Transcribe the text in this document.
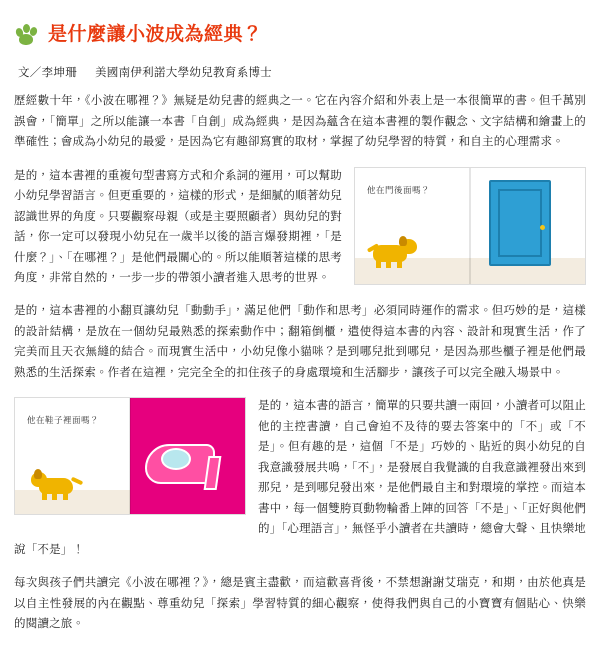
是什麼讓小波成為經典？
文／李坤珊 美國南伊利諾大學幼兒教育系博士

歷經數十年，《小波在哪裡？》無疑是幼兒書的經典之一。它在內容介紹和外表上是一本很簡單的書。但千萬別誤會，「簡單」之所以能讓一本書「自創」成為經典，是因為蘊含在這本書裡的製作觀念、文字結構和繪畫上的準確性；會成為小幼兒的最愛，是因為它有趣卻寫實的取材，掌握了幼兒學習的特質，和自主的心理需求。

他在門後面嗎？

是的，這本書裡的重複句型書寫方式和介系詞的運用，可以幫助小幼兒學習語言。但更重要的，這樣的形式，是細膩的順著幼兒認識世界的角度。只要觀察母親（或是主要照顧者）與幼兒的對話，你一定可以發現小幼兒在一歲半以後的語言爆發期裡，「是什麼？」、「在哪裡？」是他們最關心的。所以能順著這樣的思考角度，非常自然的，一步一步的帶領小讀者進入思考的世界。

是的，這本書裡的小翻頁讓幼兒「動動手」，滿足他們「動作和思考」必須同時運作的需求。但巧妙的是，這樣的設計結構，是放在一個幼兒最熟悉的探索動作中；翻箱倒櫃，遣使得這本書的內容、設計和現實生活，作了完美而且天衣無縫的結合。而現實生活中，小幼兒像小貓咪？是到哪兒批到哪兒，是因為那些櫃子裡是他們最熟悉的生活探索。作者在這裡，完完全全的扣住孩子的身處環境和生活腳步，讓孩子可以完全融入場景中。

他在鞋子裡面嗎？

是的，這本書的語言，簡單的只要共讀一兩回，小讀者可以阻止他的主控書讀，自己會迫不及待的要去答案中的「不」或「不是」。但有趣的是，這個「不是」巧妙的、貼近的與小幼兒的自我意識發展共鳴，「不」，是發展自我覺識的自我意識裡發出來到那兒，是到哪兒發出來，是他們最自主和對環境的掌控。而這本書中，每一個雙胯頁動物輪番上陣的回答「不是」、「正好與他們的」「心理語言」，無怪乎小讀者在共讀時，總會大聲、且快樂地說「不是」！

每次與孩子們共讀完《小波在哪裡？》，總是賓主盡歡，而這歡喜背後，不禁想謝謝艾瑞克，和期，由於他真是以自主性發展的內在觀點、尊重幼兒「探索」學習特質的細心觀察，使得我們與自己的小寶寶有個貼心、快樂的閱讀之旅。
